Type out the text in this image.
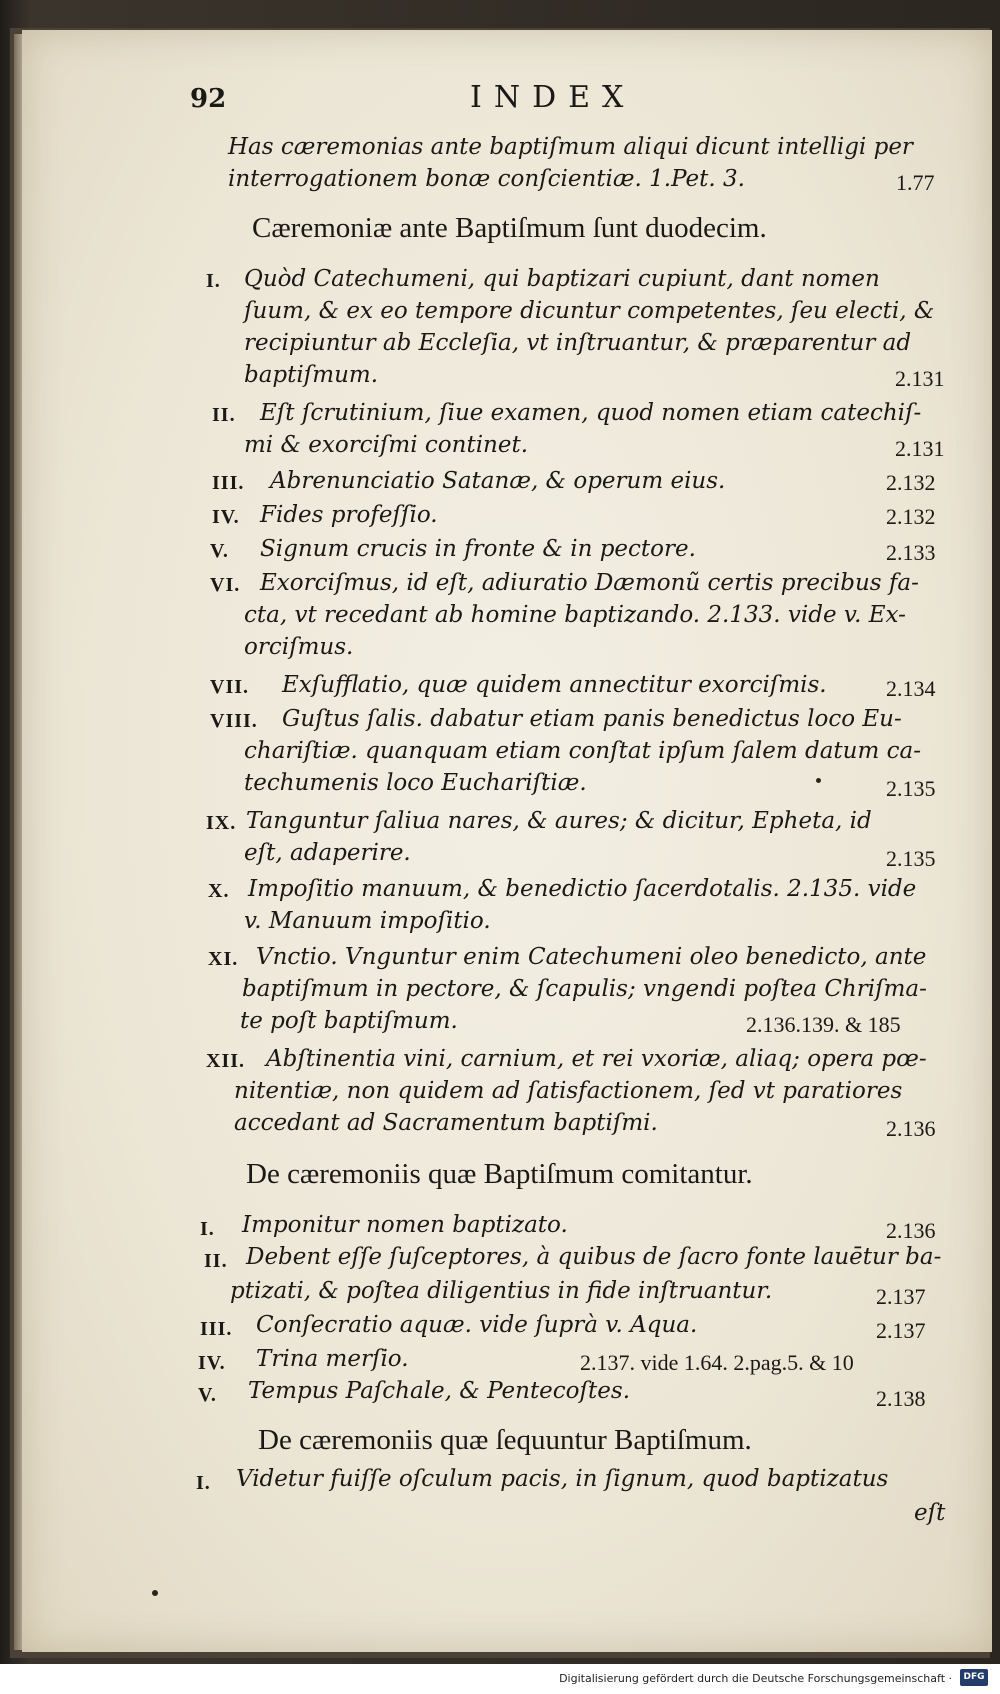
92	INDEX
Has cæremonias ante baptiſmum aliqui dicunt intelligi per
interrogationem bonæ conſcientiæ. 1.Pet. 3.	1.77
Cæremoniæ ante Baptiſmum ſunt duodecim.
I. Quòd Catechumeni, qui baptizari cupiunt, dant nomen
ſuum, & ex eo tempore dicuntur competentes, ſeu electi, &
recipiuntur ab Eccleſia, vt inſtruantur, & præparentur ad
baptiſmum.	2.131
II. Eſt ſcrutinium, ſiue examen, quod nomen etiam catechiſ-
mi & exorciſmi continet.	2.131
III. Abrenunciatio Satanæ, & operum eius.	2.132
IV. Fides profeſſio.	2.132
V. Signum crucis in fronte & in pectore.	2.133
VI. Exorciſmus, id eſt, adiuratio Dæmonũ certis precibus fa-
cta, vt recedant ab homine baptizando. 2.133. vide v. Ex-
orciſmus.
VII. Exſufflatio, quæ quidem annectitur exorciſmis.	2.134
VIII. Guſtus ſalis. dabatur etiam panis benedictus loco Eu-
chariſtiæ. quanquam etiam conſtat ipſum ſalem datum ca-
techumenis loco Euchariſtiæ.	2.135
IX. Tanguntur ſaliua nares, & aures; & dicitur, Epheta, id
eſt, adaperire.	2.135
X. Impoſitio manuum, & benedictio ſacerdotalis. 2.135. vide
v. Manuum impoſitio.
XI. Vnctio. Vnguntur enim Catechumeni oleo benedicto, ante
baptiſmum in pectore, & ſcapulis; vngendi poſtea Chriſma-
te poſt baptiſmum.	2.136.139. & 185
XII. Abſtinentia vini, carnium, et rei vxoriæ, aliaq; opera pœ-
nitentiæ, non quidem ad ſatisfactionem, ſed vt paratiores
accedant ad Sacramentum baptiſmi.	2.136
De cæremoniis quæ Baptiſmum comitantur.
I. Imponitur nomen baptizato.	2.136
II. Debent eſſe ſuſceptores, à quibus de ſacro fonte lauētur ba-
ptizati, & poſtea diligentius in fide inſtruantur.	2.137
III. Conſecratio aquæ. vide ſuprà v. Aqua.	2.137
IV. Trina merſio.	2.137. vide 1.64. 2.pag.5. & 10
V. Tempus Paſchale, & Pentecoſtes.	2.138
De cæremoniis quæ ſequuntur Baptiſmum.
I. Videtur fuiſſe oſculum pacis, in ſignum, quod baptizatus
eſt
Digitalisierung gefördert durch die Deutsche Forschungsgemeinschaft ·	DFG
